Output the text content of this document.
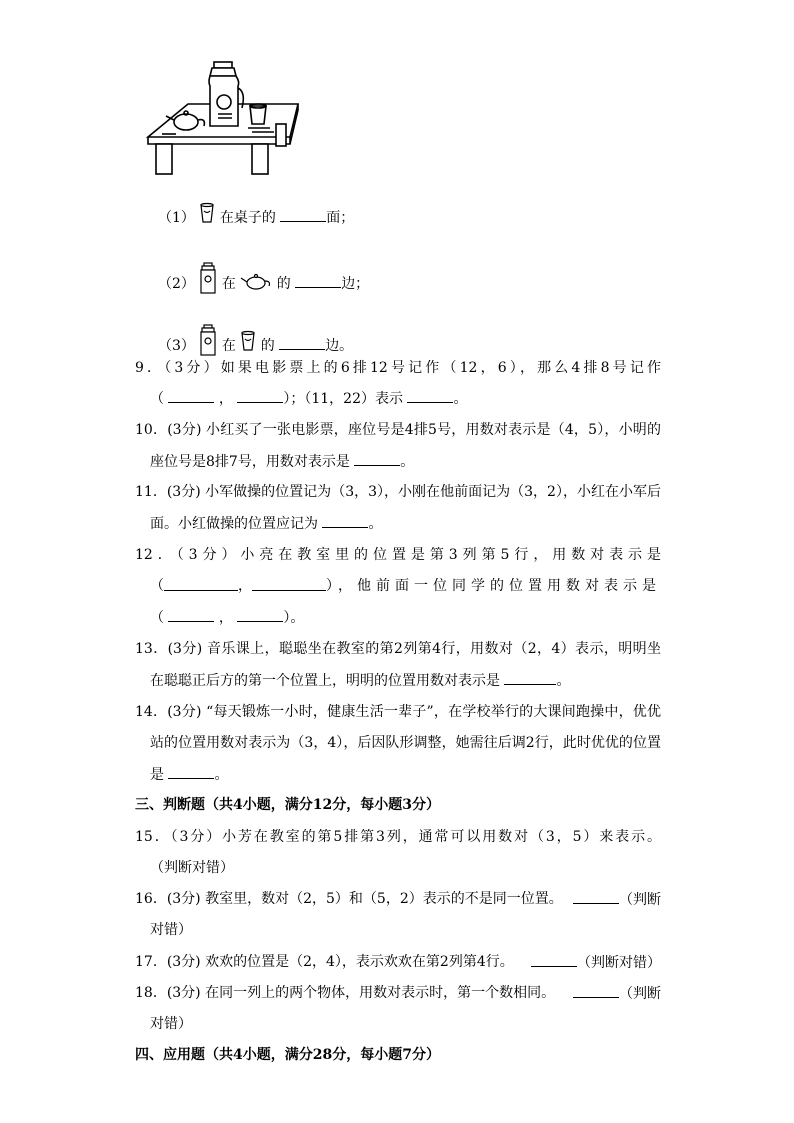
（1） 在桌子的	面；
（2） 在	的	边；
（3） 在 的	边。
9．（3分）如果电影票上的6排12号记作（12，6），那么4排8号记作
（	，	）；（11，22）表示	。
10．(3分) 小红买了一张电影票，座位号是4排5号，用数对表示是（4，5），小明的
座位号是8排7号，用数对表示是	。
11．(3分) 小军做操的位置记为（3，3），小刚在他前面记为（3，2），小红在小军后
面。小红做操的位置应记为	。
12．（3分）小亮在教室里的位置是第3列第5行，用数对表示是
（	，	），他前面一位同学的位置用数对表示是
（	，	）。
13．(3分) 音乐课上，聪聪坐在教室的第2列第4行，用数对（2，4）表示，明明坐
在聪聪正后方的第一个位置上，明明的位置用数对表示是	。
14．(3分) “每天锻炼一小时，健康生活一辈子”，在学校举行的大课间跑操中，优优
站的位置用数对表示为（3，4），后因队形调整，她需往后调2行，此时优优的位置
是	。
三、判断题（共4小题，满分12分，每小题3分）
15．（3分）小芳在教室的第5排第3列，通常可以用数对（3，5）来表示。
（判断对错）
16．(3分) 教室里，数对（2，5）和（5，2）表示的不是同一位置。	（判断
对错）
17．(3分) 欢欢的位置是（2，4），表示欢欢在第2列第4行。	（判断对错）
18．(3分) 在同一列上的两个物体，用数对表示时，第一个数相同。	（判断
对错）
四、应用题（共4小题，满分28分，每小题7分）
